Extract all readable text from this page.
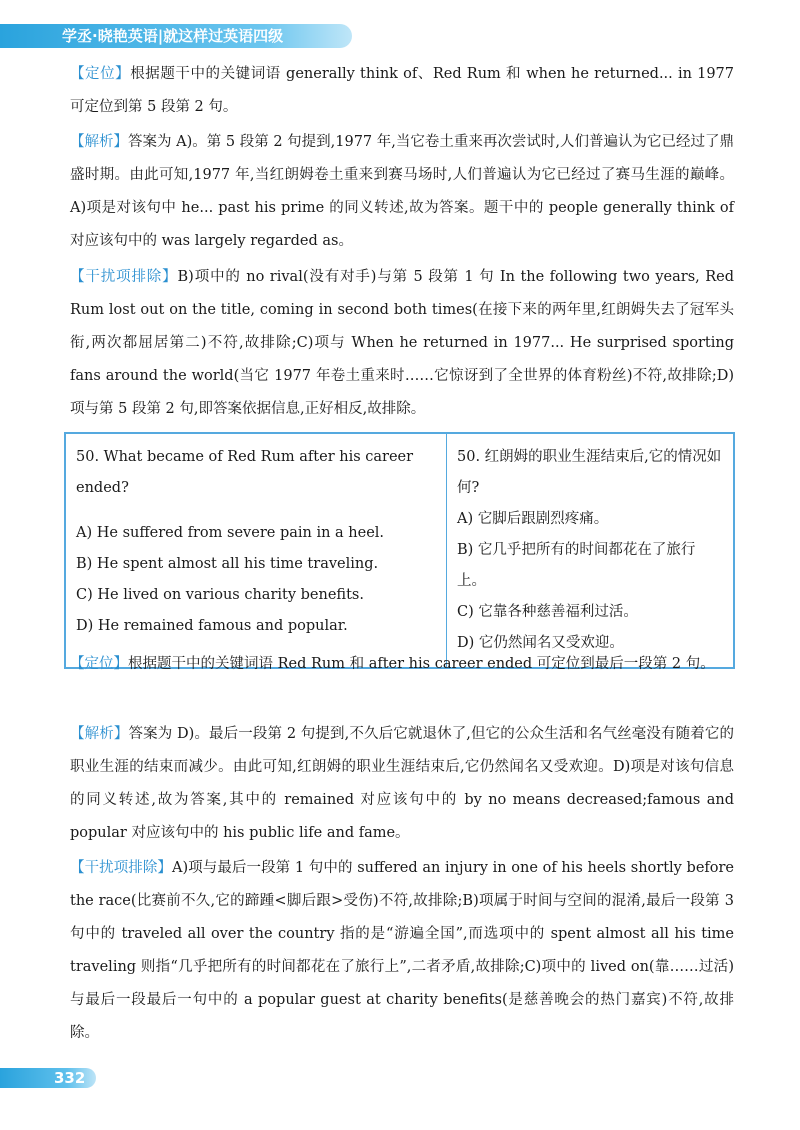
学丞·晓艳英语|就这样过英语四级

【定位】根据题干中的关键词语 generally think of、Red Rum 和 when he returned... in 1977 可定位到第 5 段第 2 句。

【解析】答案为 A)。第 5 段第 2 句提到,1977 年,当它卷土重来再次尝试时,人们普遍认为它已经过了鼎盛时期。由此可知,1977 年,当红朗姆卷土重来到赛马场时,人们普遍认为它已经过了赛马生涯的巅峰。A)项是对该句中 he... past his prime 的同义转述,故为答案。题干中的 people generally think of 对应该句中的 was largely regarded as。

【干扰项排除】B)项中的 no rival(没有对手)与第 5 段第 1 句 In the following two years, Red Rum lost out on the title, coming in second both times(在接下来的两年里,红朗姆失去了冠军头衔,两次都屈居第二)不符,故排除;C)项与 When he returned in 1977... He surprised sporting fans around the world(当它 1977 年卷土重来时……它惊讶到了全世界的体育粉丝)不符,故排除;D)项与第 5 段第 2 句,即答案依据信息,正好相反,故排除。

50. What became of Red Rum after his career ended?
A) He suffered from severe pain in a heel.
B) He spent almost all his time traveling.
C) He lived on various charity benefits.
D) He remained famous and popular.

50. 红朗姆的职业生涯结束后,它的情况如何?
A) 它脚后跟剧烈疼痛。
B) 它几乎把所有的时间都花在了旅行上。
C) 它靠各种慈善福利过活。
D) 它仍然闻名又受欢迎。

【定位】根据题干中的关键词语 Red Rum 和 after his career ended 可定位到最后一段第 2 句。

【解析】答案为 D)。最后一段第 2 句提到,不久后它就退休了,但它的公众生活和名气丝毫没有随着它的职业生涯的结束而减少。由此可知,红朗姆的职业生涯结束后,它仍然闻名又受欢迎。D)项是对该句信息的同义转述,故为答案,其中的 remained 对应该句中的 by no means decreased;famous and popular 对应该句中的 his public life and fame。

【干扰项排除】A)项与最后一段第 1 句中的 suffered an injury in one of his heels shortly before the race(比赛前不久,它的蹄踵<脚后跟>受伤)不符,故排除;B)项属于时间与空间的混淆,最后一段第 3 句中的 traveled all over the country 指的是“游遍全国”,而选项中的 spent almost all his time traveling 则指“几乎把所有的时间都花在了旅行上”,二者矛盾,故排除;C)项中的 lived on(靠……过活)与最后一段最后一句中的 a popular guest at charity benefits(是慈善晚会的热门嘉宾)不符,故排除。

332
